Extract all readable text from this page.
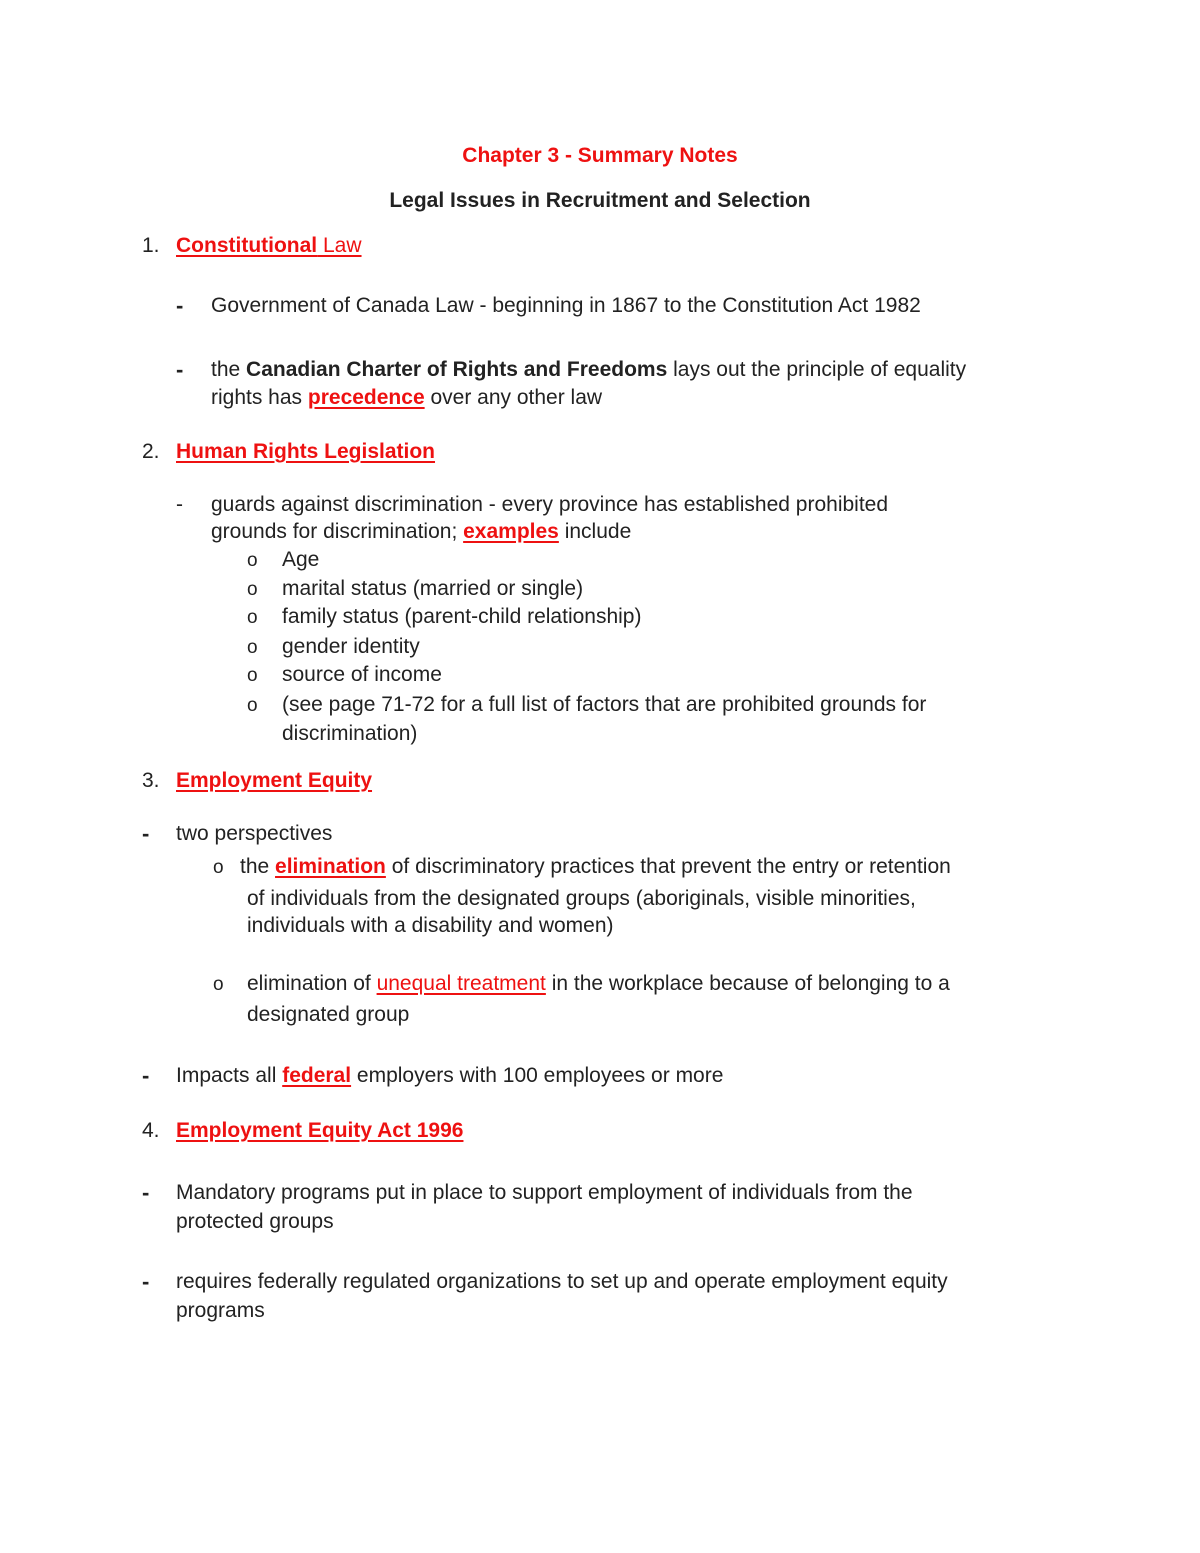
Chapter 3 - Summary Notes
Legal Issues in Recruitment and Selection
1. Constitutional Law
- Government of Canada Law - beginning in 1867 to the Constitution Act 1982
- the Canadian Charter of Rights and Freedoms lays out the principle of equality
rights has precedence over any other law
2. Human Rights Legislation
- guards against discrimination - every province has established prohibited
grounds for discrimination; examples include
o Age
o marital status (married or single)
o family status (parent-child relationship)
o gender identity
o source of income
o (see page 71-72 for a full list of factors that are prohibited grounds for
discrimination)
3. Employment Equity
- two perspectives
o the elimination of discriminatory practices that prevent the entry or retention
of individuals from the designated groups (aboriginals, visible minorities,
individuals with a disability and women)
o elimination of unequal treatment in the workplace because of belonging to a
designated group
- Impacts all federal employers with 100 employees or more
4. Employment Equity Act 1996
- Mandatory programs put in place to support employment of individuals from the
protected groups
- requires federally regulated organizations to set up and operate employment equity
programs
